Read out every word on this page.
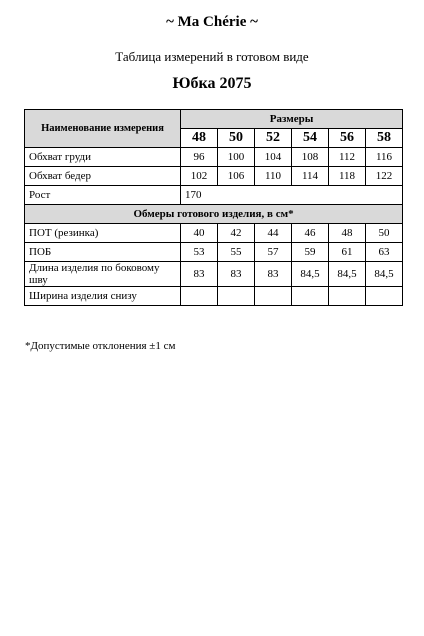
~ Ma Chérie ~
Таблица измерений в готовом виде
Юбка 2075
Наименование измерения	Размеры					
	48	50	52	54	56	58
Обхват груди	96	100	104	108	112	116
Обхват бедер	102	106	110	114	118	122
Рост	170					
Обмеры готового изделия, в см*						
ПОТ (резинка)	40	42	44	46	48	50
ПОБ	53	55	57	59	61	63
Длина изделия по боковому шву	83	83	83	84,5	84,5	84,5
Ширина изделия снизу						
*Допустимые отклонения ±1 см
